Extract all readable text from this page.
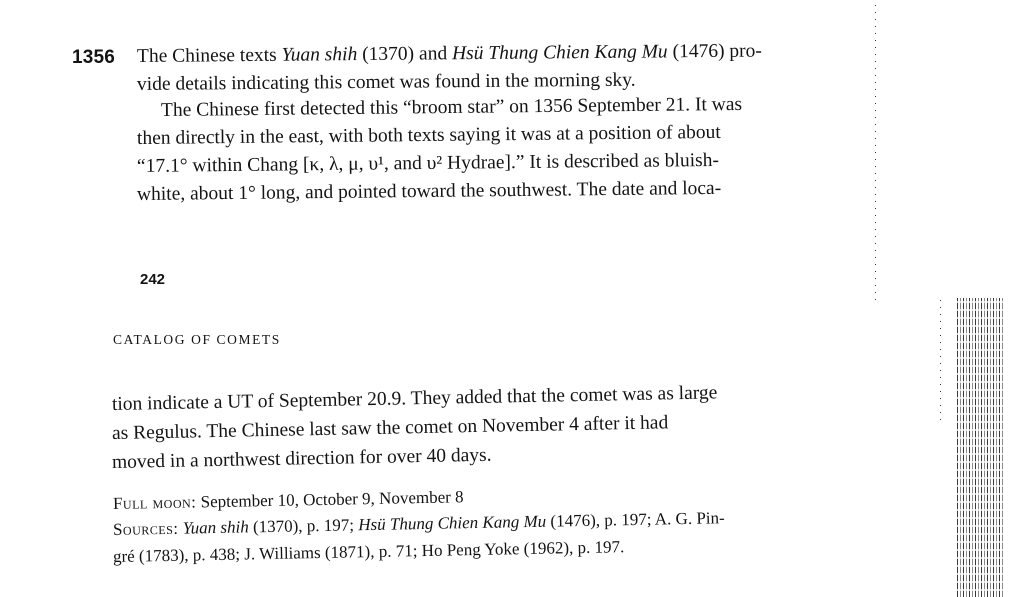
1356 The Chinese texts Yuan shih (1370) and Hsü Thung Chien Kang Mu (1476) pro-
vide details indicating this comet was found in the morning sky.
The Chinese first detected this “broom star” on 1356 September 21. It was
then directly in the east, with both texts saying it was at a position of about
“17.1° within Chang [κ, λ, μ, υ¹, and υ² Hydrae].” It is described as bluish-
white, about 1° long, and pointed toward the southwest. The date and loca-
242
CATALOG OF COMETS
tion indicate a UT of September 20.9. They added that the comet was as large
as Regulus. The Chinese last saw the comet on November 4 after it had
moved in a northwest direction for over 40 days.
Full moon: September 10, October 9, November 8
Sources: Yuan shih (1370), p. 197; Hsü Thung Chien Kang Mu (1476), p. 197; A. G. Pin-
gré (1783), p. 438; J. Williams (1871), p. 71; Ho Peng Yoke (1962), p. 197.
